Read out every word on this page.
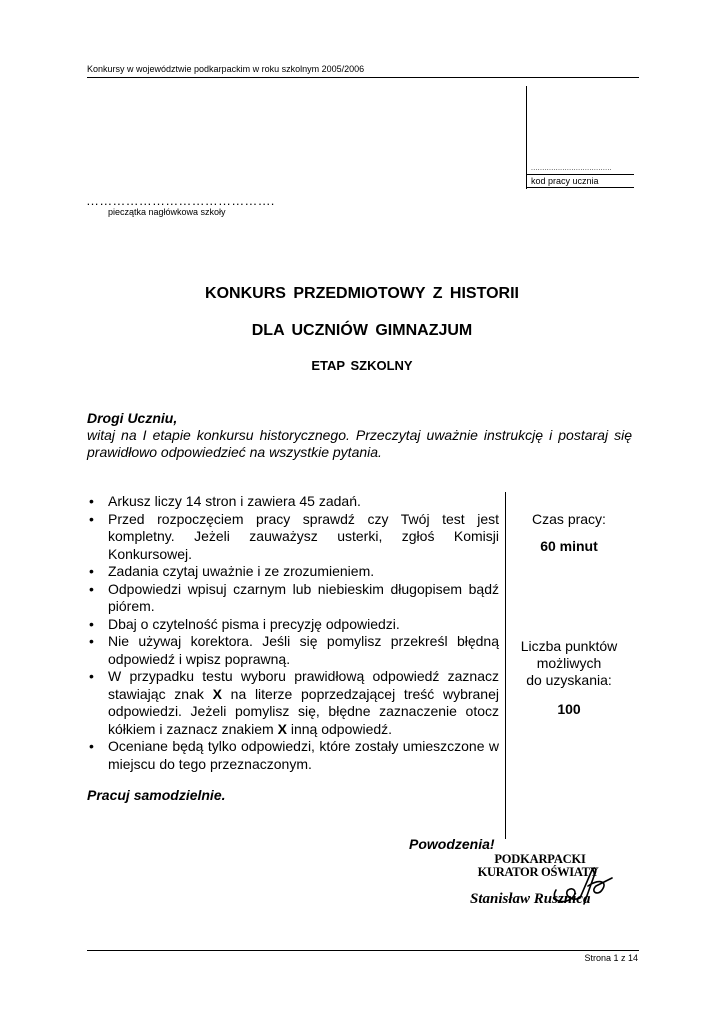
Konkursy w województwie podkarpackim w roku szkolnym 2005/2006
....................................
kod pracy ucznia
…………………………………….
pieczątka nagłówkowa szkoły
KONKURS PRZEDMIOTOWY Z HISTORII
DLA UCZNIÓW GIMNAZJUM
ETAP SZKOLNY
Drogi Uczniu,
witaj na I etapie konkursu historycznego. Przeczytaj uważnie instrukcję i postaraj się prawidłowo odpowiedzieć na wszystkie pytania.
• Arkusz liczy 14 stron i zawiera 45 zadań.
• Przed rozpoczęciem pracy sprawdź czy Twój test jest kompletny. Jeżeli zauważysz usterki, zgłoś Komisji Konkursowej.
• Zadania czytaj uważnie i ze zrozumieniem.
• Odpowiedzi wpisuj czarnym lub niebieskim długopisem bądź piórem.
• Dbaj o czytelność pisma i precyzję odpowiedzi.
• Nie używaj korektora. Jeśli się pomylisz przekreśl błędną odpowiedź i wpisz poprawną.
• W przypadku testu wyboru prawidłową odpowiedź zaznacz stawiając znak X na literze poprzedzającej treść wybranej odpowiedzi. Jeżeli pomylisz się, błędne zaznaczenie otocz kółkiem i zaznacz znakiem X inną odpowiedź.
• Oceniane będą tylko odpowiedzi, które zostały umieszczone w miejscu do tego przeznaczonym.
Czas pracy:
60 minut
Liczba punktów
możliwych
do uzyskania:
100
Pracuj samodzielnie.
Powodzenia!
PODKARPACKI
KURATOR OŚWIATY
Stanisław Rusznica
Strona 1 z 14
